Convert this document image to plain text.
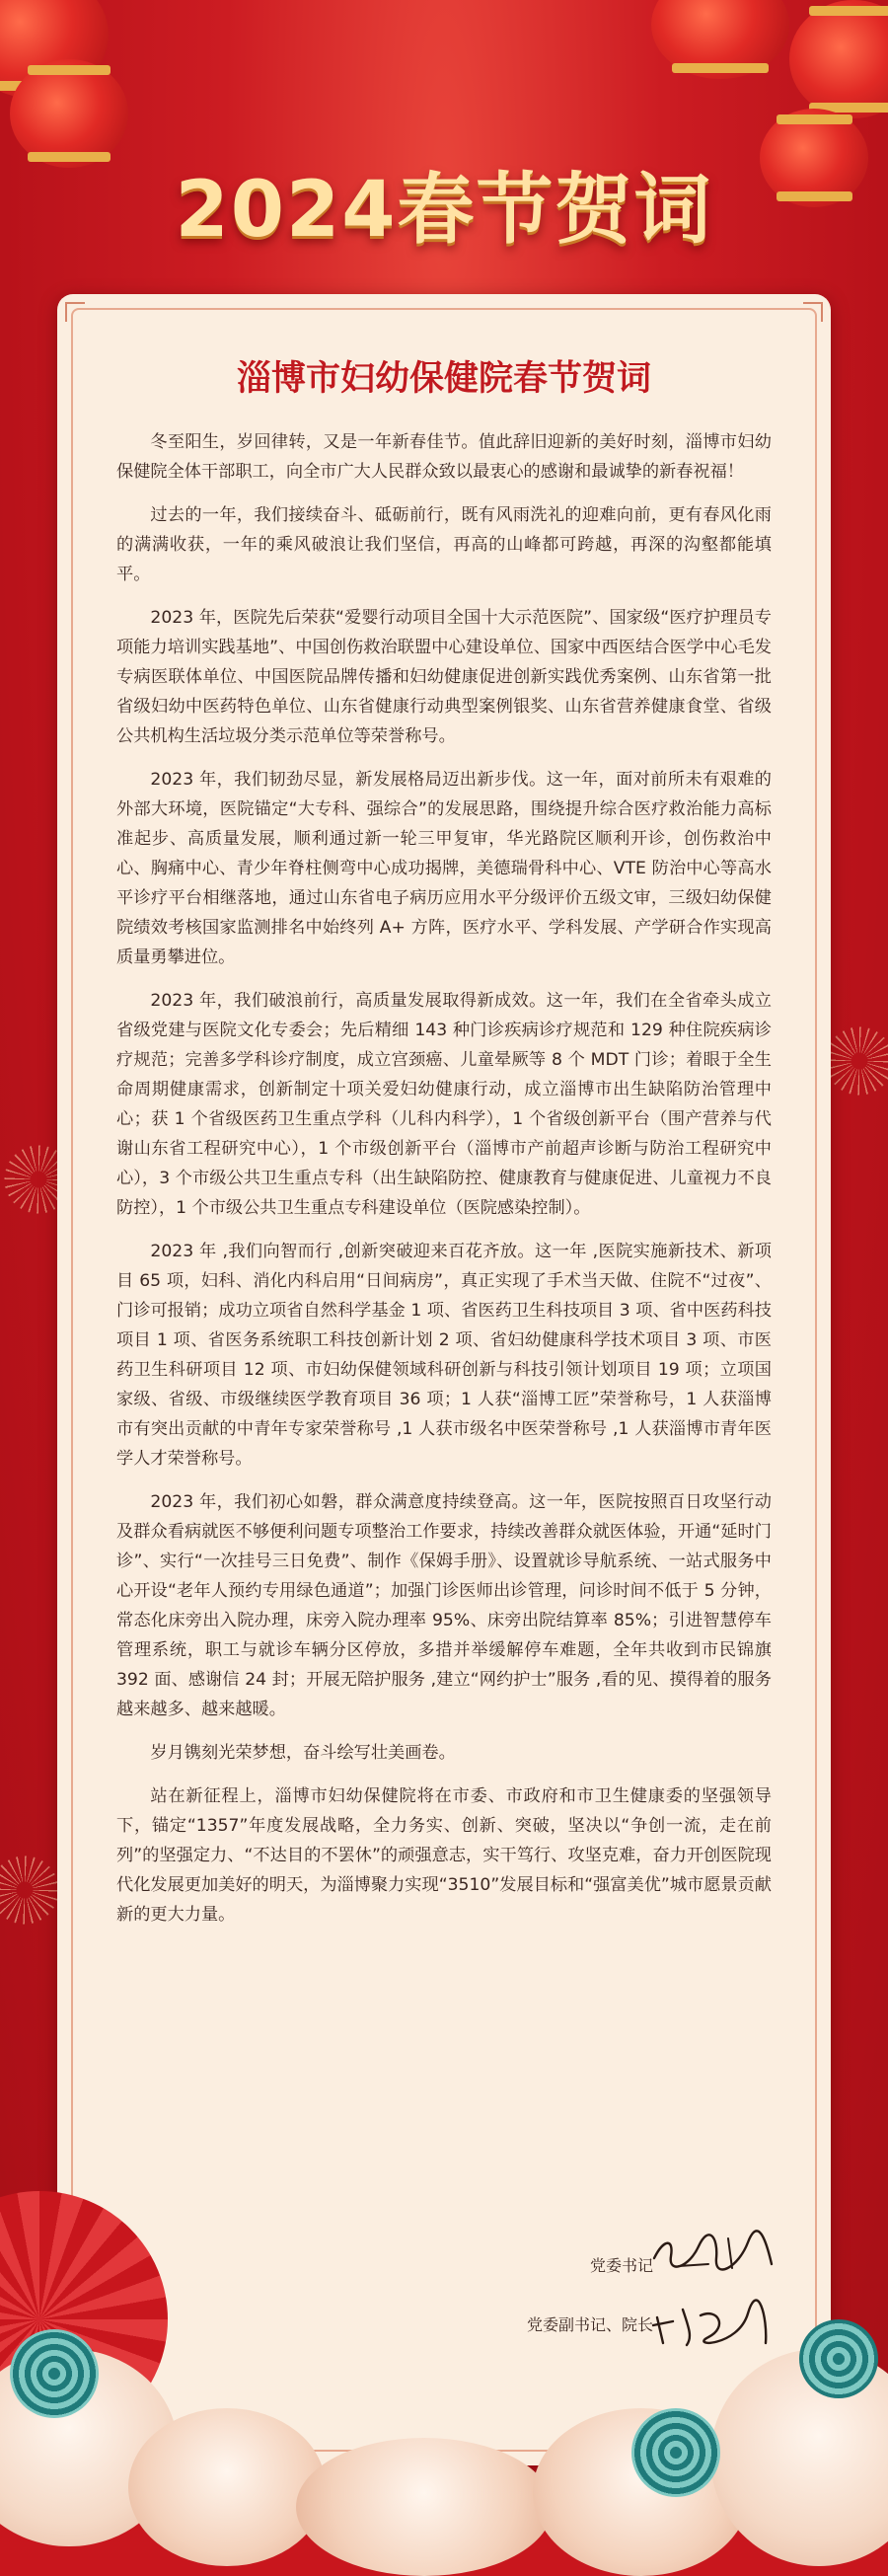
2024春节贺词
淄博市妇幼保健院春节贺词

冬至阳生，岁回律转，又是一年新春佳节。值此辞旧迎新的美好时刻，淄博市妇幼保健院全体干部职工，向全市广大人民群众致以最衷心的感谢和最诚挚的新春祝福！

过去的一年，我们接续奋斗、砥砺前行，既有风雨洗礼的迎难向前，更有春风化雨的满满收获，一年的乘风破浪让我们坚信，再高的山峰都可跨越，再深的沟壑都能填平。

2023 年，医院先后荣获“爱婴行动项目全国十大示范医院”、国家级“医疗护理员专项能力培训实践基地”、中国创伤救治联盟中心建设单位、国家中西医结合医学中心毛发专病医联体单位、中国医院品牌传播和妇幼健康促进创新实践优秀案例、山东省第一批省级妇幼中医药特色单位、山东省健康行动典型案例银奖、山东省营养健康食堂、省级公共机构生活垃圾分类示范单位等荣誉称号。

2023 年，我们韧劲尽显，新发展格局迈出新步伐。这一年，面对前所未有艰难的外部大环境，医院锚定“大专科、强综合”的发展思路，围绕提升综合医疗救治能力高标准起步、高质量发展，顺利通过新一轮三甲复审，华光路院区顺利开诊，创伤救治中心、胸痛中心、青少年脊柱侧弯中心成功揭牌，美德瑞骨科中心、VTE 防治中心等高水平诊疗平台相继落地，通过山东省电子病历应用水平分级评价五级文审，三级妇幼保健院绩效考核国家监测排名中始终列 A+ 方阵，医疗水平、学科发展、产学研合作实现高质量勇攀进位。

2023 年，我们破浪前行，高质量发展取得新成效。这一年，我们在全省牵头成立省级党建与医院文化专委会；先后精细 143 种门诊疾病诊疗规范和 129 种住院疾病诊疗规范；完善多学科诊疗制度，成立宫颈癌、儿童晕厥等 8 个 MDT 门诊；着眼于全生命周期健康需求，创新制定十项关爱妇幼健康行动，成立淄博市出生缺陷防治管理中心；获 1 个省级医药卫生重点学科（儿科内科学），1 个省级创新平台（围产营养与代谢山东省工程研究中心），1 个市级创新平台（淄博市产前超声诊断与防治工程研究中心），3 个市级公共卫生重点专科（出生缺陷防控、健康教育与健康促进、儿童视力不良防控），1 个市级公共卫生重点专科建设单位（医院感染控制）。

2023 年 ,我们向智而行 ,创新突破迎来百花齐放。这一年 ,医院实施新技术、新项目 65 项，妇科、消化内科启用“日间病房”，真正实现了手术当天做、住院不“过夜”、门诊可报销；成功立项省自然科学基金 1 项、省医药卫生科技项目 3 项、省中医药科技项目 1 项、省医务系统职工科技创新计划 2 项、省妇幼健康科学技术项目 3 项、市医药卫生科研项目 12 项、市妇幼保健领域科研创新与科技引领计划项目 19 项；立项国家级、省级、市级继续医学教育项目 36 项；1 人获“淄博工匠”荣誉称号，1 人获淄博市有突出贡献的中青年专家荣誉称号 ,1 人获市级名中医荣誉称号 ,1 人获淄博市青年医学人才荣誉称号。

2023 年，我们初心如磐，群众满意度持续登高。这一年，医院按照百日攻坚行动及群众看病就医不够便利问题专项整治工作要求，持续改善群众就医体验，开通“延时门诊”、实行“一次挂号三日免费”、制作《保姆手册》、设置就诊导航系统、一站式服务中心开设“老年人预约专用绿色通道”；加强门诊医师出诊管理，问诊时间不低于 5 分钟，常态化床旁出入院办理，床旁入院办理率 95%、床旁出院结算率 85%；引进智慧停车管理系统，职工与就诊车辆分区停放，多措并举缓解停车难题，全年共收到市民锦旗 392 面、感谢信 24 封；开展无陪护服务 ,建立“网约护士”服务 ,看的见、摸得着的服务越来越多、越来越暖。

岁月镌刻光荣梦想，奋斗绘写壮美画卷。

站在新征程上，淄博市妇幼保健院将在市委、市政府和市卫生健康委的坚强领导下，锚定“1357”年度发展战略，全力务实、创新、突破，坚决以“争创一流，走在前列”的坚强定力、“不达目的不罢休”的顽强意志，实干笃行、攻坚克难，奋力开创医院现代化发展更加美好的明天，为淄博聚力实现“3510”发展目标和“强富美优”城市愿景贡献新的更大力量。

党委书记
党委副书记、院长
